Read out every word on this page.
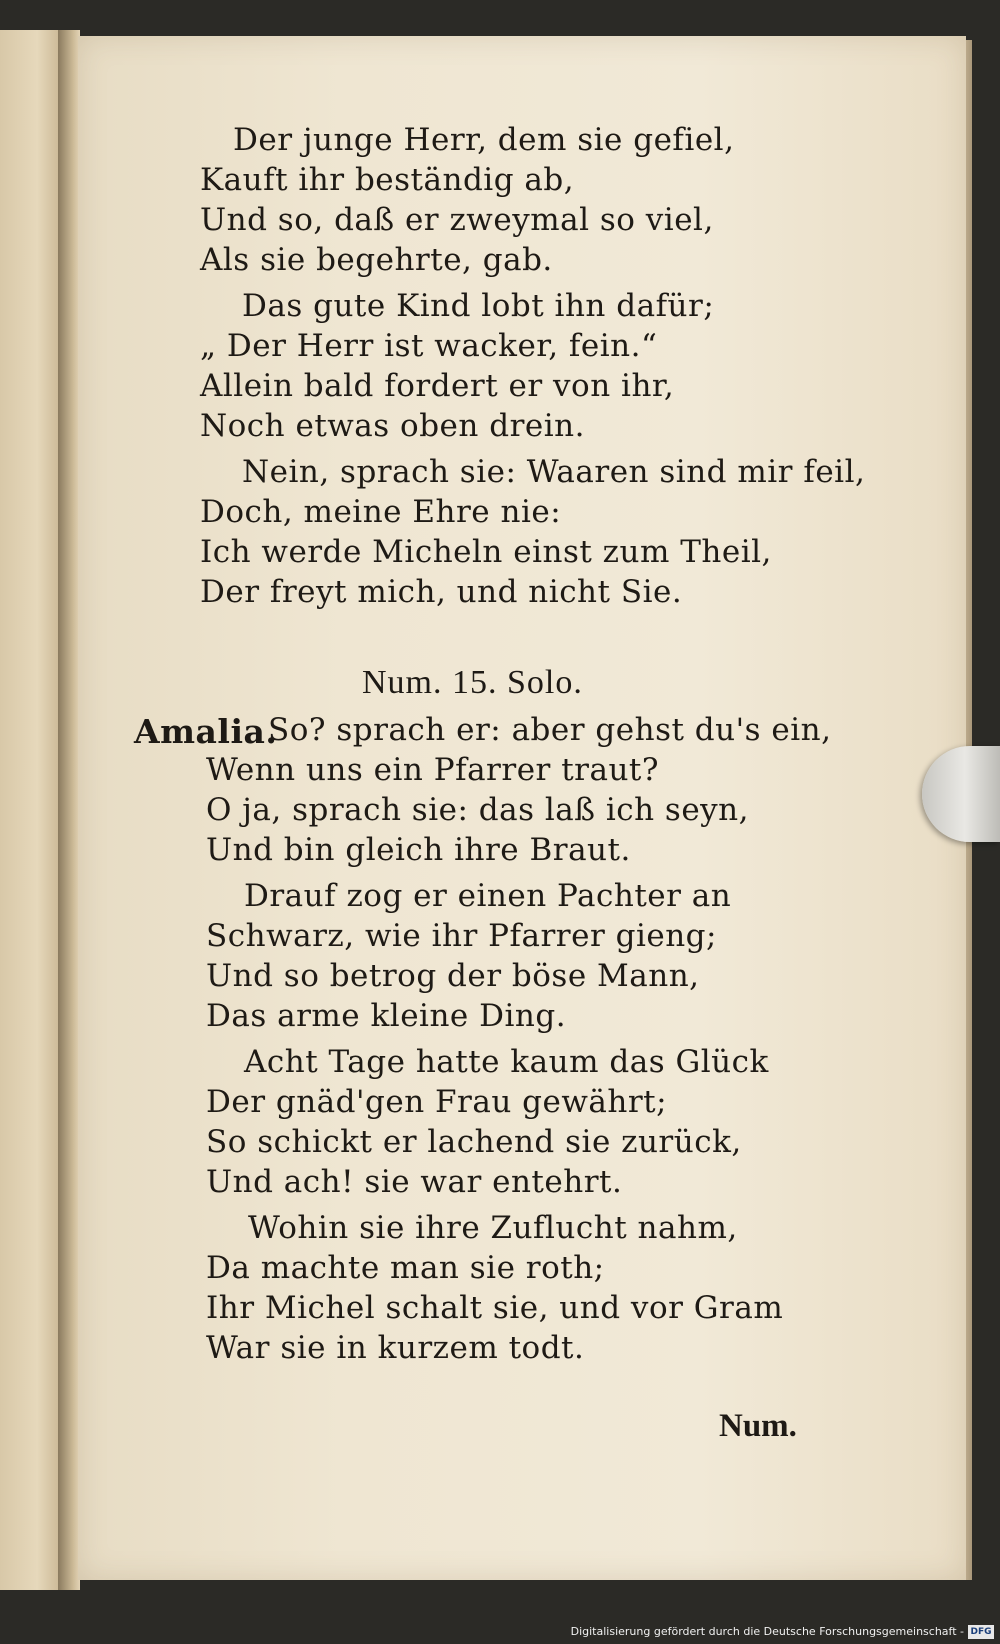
Der junge Herr, dem sie gefiel,
Kauft ihr beständig ab,
Und so, daß er zweymal so viel,
Als sie begehrte, gab.
Das gute Kind lobt ihn dafür;
„ Der Herr ist wacker, fein.“
Allein bald fordert er von ihr,
Noch etwas oben drein.
Nein, sprach sie: Waaren sind mir feil,
Doch, meine Ehre nie:
Ich werde Micheln einst zum Theil,
Der freyt mich, und nicht Sie.
Num. 15. Solo.
Amalia.
So? sprach er: aber gehst du's ein,
Wenn uns ein Pfarrer traut?
O ja, sprach sie: das laß ich seyn,
Und bin gleich ihre Braut.
Drauf zog er einen Pachter an
Schwarz, wie ihr Pfarrer gieng;
Und so betrog der böse Mann,
Das arme kleine Ding.
Acht Tage hatte kaum das Glück
Der gnäd'gen Frau gewährt;
So schickt er lachend sie zurück,
Und ach! sie war entehrt.
Wohin sie ihre Zuflucht nahm,
Da machte man sie roth;
Ihr Michel schalt sie, und vor Gram
War sie in kurzem todt.
Num.
Digitalisierung gefördert durch die Deutsche Forschungsgemeinschaft - DFG
